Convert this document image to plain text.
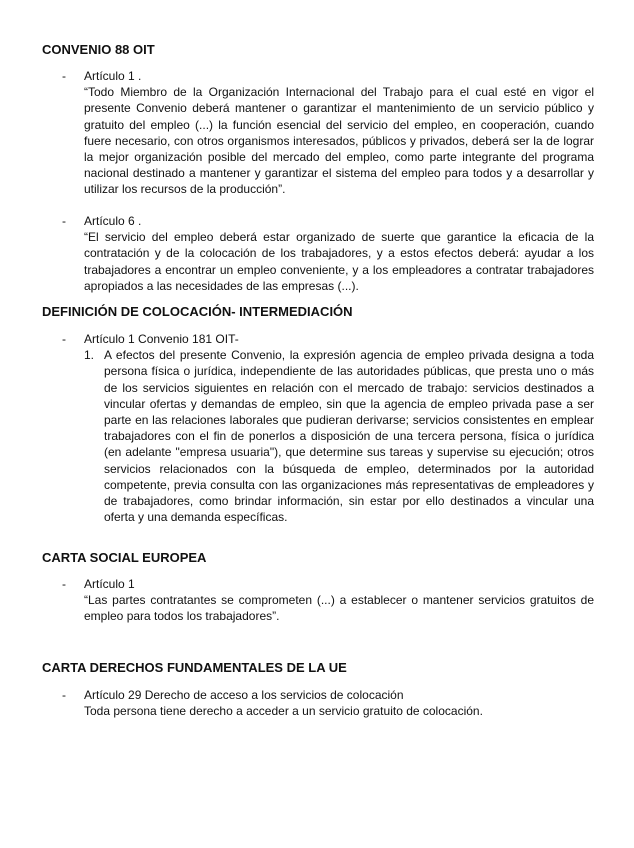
CONVENIO 88 OIT
-	Artículo 1 .
“Todo Miembro de la Organización Internacional del Trabajo para el cual esté en vigor el presente Convenio deberá mantener o garantizar el mantenimiento de un servicio público y gratuito del empleo (...) la función esencial del servicio del empleo, en cooperación, cuando fuere necesario, con otros organismos interesados, públicos y privados, deberá ser la de lograr la mejor organización posible del mercado del empleo, como parte integrante del programa nacional destinado a mantener y garantizar el sistema del empleo para todos y a desarrollar y utilizar los recursos de la producción”.
-	Artículo 6 .
“El servicio del empleo deberá estar organizado de suerte que garantice la eficacia de la contratación y de la colocación de los trabajadores, y a estos efectos deberá: ayudar a los trabajadores a encontrar un empleo conveniente, y a los empleadores a contratar trabajadores apropiados a las necesidades de las empresas (...).
DEFINICIÓN DE COLOCACIÓN- INTERMEDIACIÓN
-	Artículo 1 Convenio 181 OIT-
1. A efectos del presente Convenio, la expresión agencia de empleo privada designa a toda persona física o jurídica, independiente de las autoridades públicas, que presta uno o más de los servicios siguientes en relación con el mercado de trabajo: servicios destinados a vincular ofertas y demandas de empleo, sin que la agencia de empleo privada pase a ser parte en las relaciones laborales que pudieran derivarse; servicios consistentes en emplear trabajadores con el fin de ponerlos a disposición de una tercera persona, física o jurídica (en adelante "empresa usuaria"), que determine sus tareas y supervise su ejecución; otros servicios relacionados con la búsqueda de empleo, determinados por la autoridad competente, previa consulta con las organizaciones más representativas de empleadores y de trabajadores, como brindar información, sin estar por ello destinados a vincular una oferta y una demanda específicas.
CARTA SOCIAL EUROPEA
-	Artículo 1
“Las partes contratantes se comprometen (...) a establecer o mantener servicios gratuitos de empleo para todos los trabajadores”.
CARTA DERECHOS FUNDAMENTALES DE LA UE
-	Artículo 29 Derecho de acceso a los servicios de colocación
Toda persona tiene derecho a acceder a un servicio gratuito de colocación.
